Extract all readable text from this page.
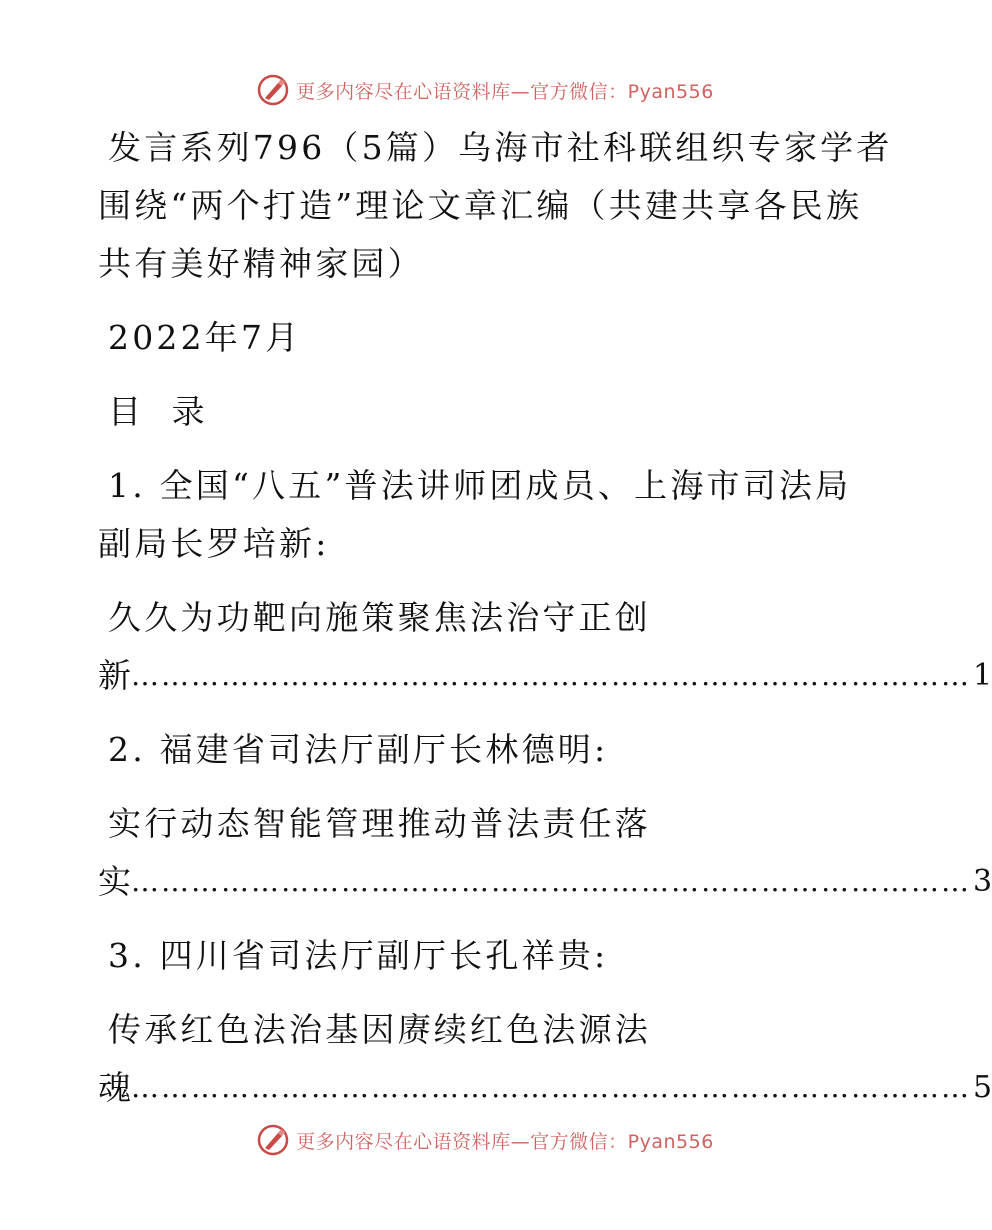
更多内容尽在心语资料库—官方微信：Pyan556
发言系列796（5篇）乌海市社科联组织专家学者
围绕“两个打造”理论文章汇编（共建共享各民族
共有美好精神家园）
2022年7月
目  录
1. 全国“八五”普法讲师团成员、上海市司法局
副局长罗培新:
久久为功靶向施策聚焦法治守正创
新 ………………………………………………………………………… 1
2. 福建省司法厅副厅长林德明:
实行动态智能管理推动普法责任落
实 ………………………………………………………………………… 3
3. 四川省司法厅副厅长孔祥贵:
传承红色法治基因赓续红色法源法
魂 ………………………………………………………………………… 5
更多内容尽在心语资料库—官方微信：Pyan556
